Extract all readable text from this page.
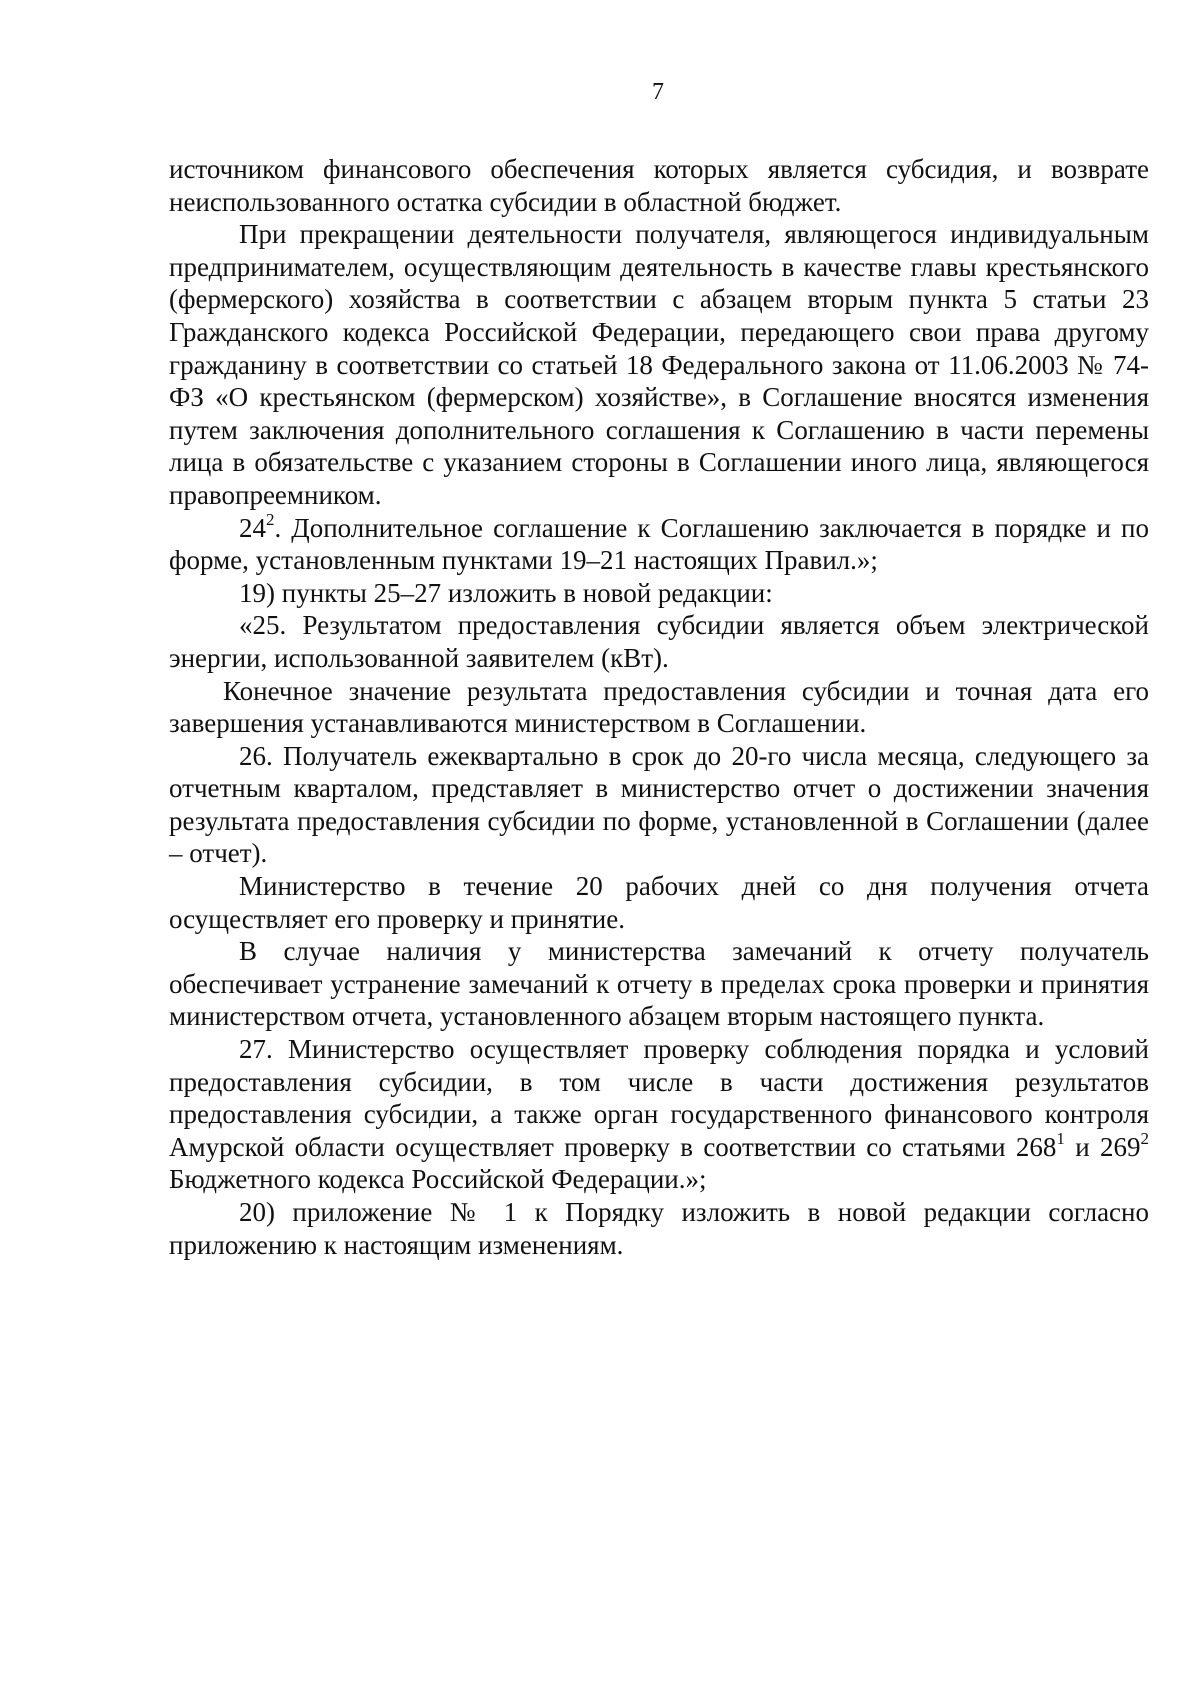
7

источником финансового обеспечения которых является субсидия, и возврате неиспользованного остатка субсидии в областной бюджет.

При прекращении деятельности получателя, являющегося индивидуальным предпринимателем, осуществляющим деятельность в качестве главы крестьянского (фермерского) хозяйства в соответствии с абзацем вторым пункта 5 статьи 23 Гражданского кодекса Российской Федерации, передающего свои права другому гражданину в соответствии со статьей 18 Федерального закона от 11.06.2003 № 74-ФЗ «О крестьянском (фермерском) хозяйстве», в Соглашение вносятся изменения путем заключения дополнительного соглашения к Соглашению в части перемены лица в обязательстве с указанием стороны в Соглашении иного лица, являющегося правопреемником.

$24^2$. Дополнительное соглашение к Соглашению заключается в порядке и по форме, установленным пунктами 19–21 настоящих Правил.»;

19) пункты 25–27 изложить в новой редакции:

«25. Результатом предоставления субсидии является объем электрической энергии, использованной заявителем (кВт).

Конечное значение результата предоставления субсидии и точная дата его завершения устанавливаются министерством в Соглашении.

26. Получатель ежеквартально в срок до 20-го числа месяца, следующего за отчетным кварталом, представляет в министерство отчет о достижении значения результата предоставления субсидии по форме, установленной в Соглашении (далее – отчет).

Министерство в течение 20 рабочих дней со дня получения отчета осуществляет его проверку и принятие.

В случае наличия у министерства замечаний к отчету получатель обеспечивает устранение замечаний к отчету в пределах срока проверки и принятия министерством отчета, установленного абзацем вторым настоящего пункта.

27. Министерство осуществляет проверку соблюдения порядка и условий предоставления субсидии, в том числе в части достижения результатов предоставления субсидии, а также орган государственного финансового контроля Амурской области осуществляет проверку в соответствии со статьями $268^1$ и $269^2$ Бюджетного кодекса Российской Федерации.»;

20) приложение № 1 к Порядку изложить в новой редакции согласно приложению к настоящим изменениям.
